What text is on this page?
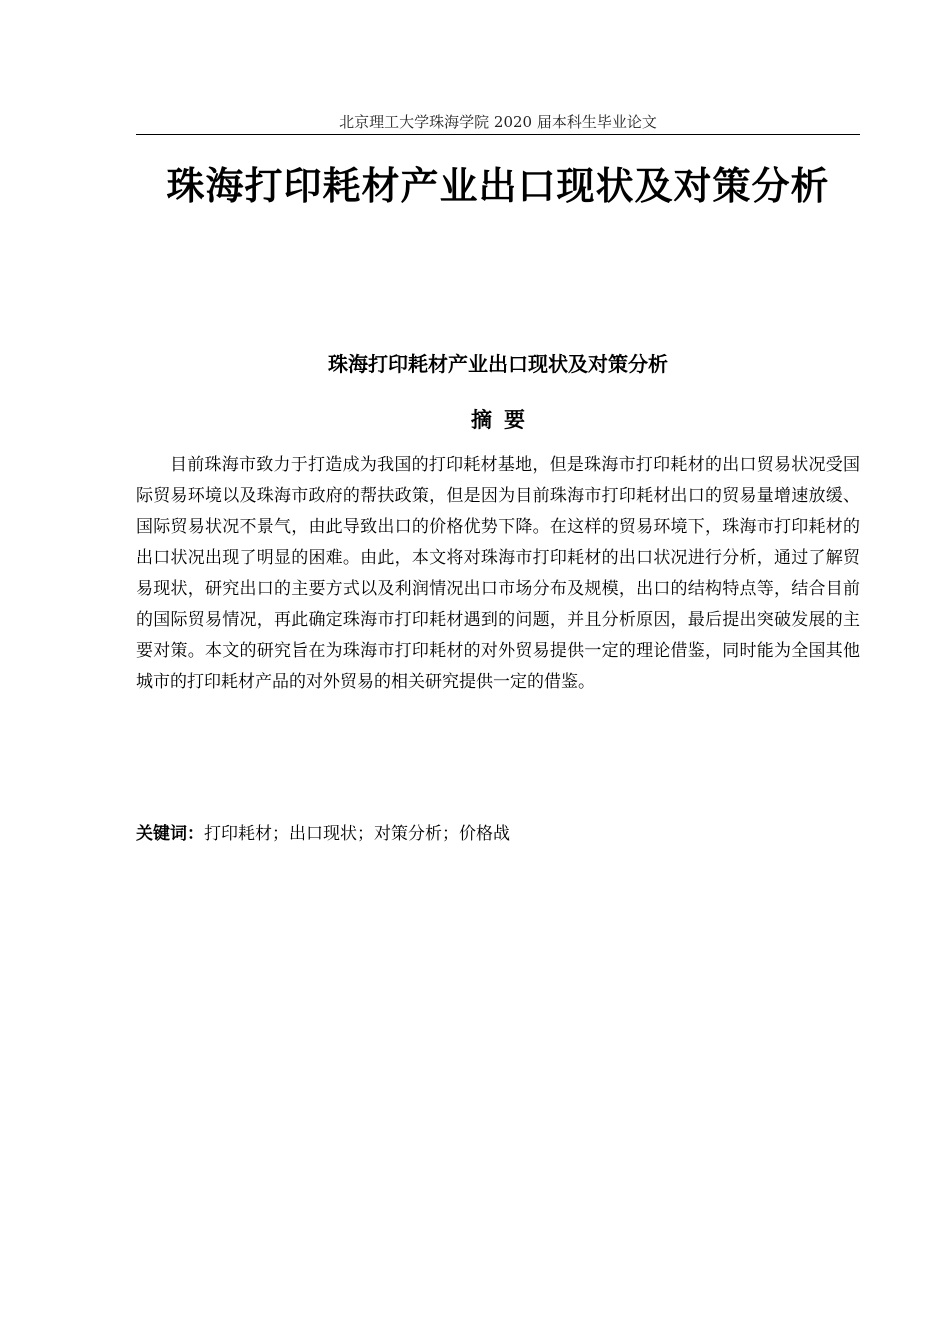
北京理工大学珠海学院 2020 届本科生毕业论文
珠海打印耗材产业出口现状及对策分析
珠海打印耗材产业出口现状及对策分析
摘要

目前珠海市致力于打造成为我国的打印耗材基地，但是珠海市打印耗材的出口贸易状况受国际贸易环境以及珠海市政府的帮扶政策，但是因为目前珠海市打印耗材出口的贸易量增速放缓、国际贸易状况不景气，由此导致出口的价格优势下降。在这样的贸易环境下，珠海市打印耗材的出口状况出现了明显的困难。由此，本文将对珠海市打印耗材的出口状况进行分析，通过了解贸易现状，研究出口的主要方式以及利润情况出口市场分布及规模，出口的结构特点等，结合目前的国际贸易情况，再此确定珠海市打印耗材遇到的问题，并且分析原因，最后提出突破发展的主要对策。本文的研究旨在为珠海市打印耗材的对外贸易提供一定的理论借鉴，同时能为全国其他城市的打印耗材产品的对外贸易的相关研究提供一定的借鉴。

关键词：打印耗材；出口现状；对策分析；价格战
